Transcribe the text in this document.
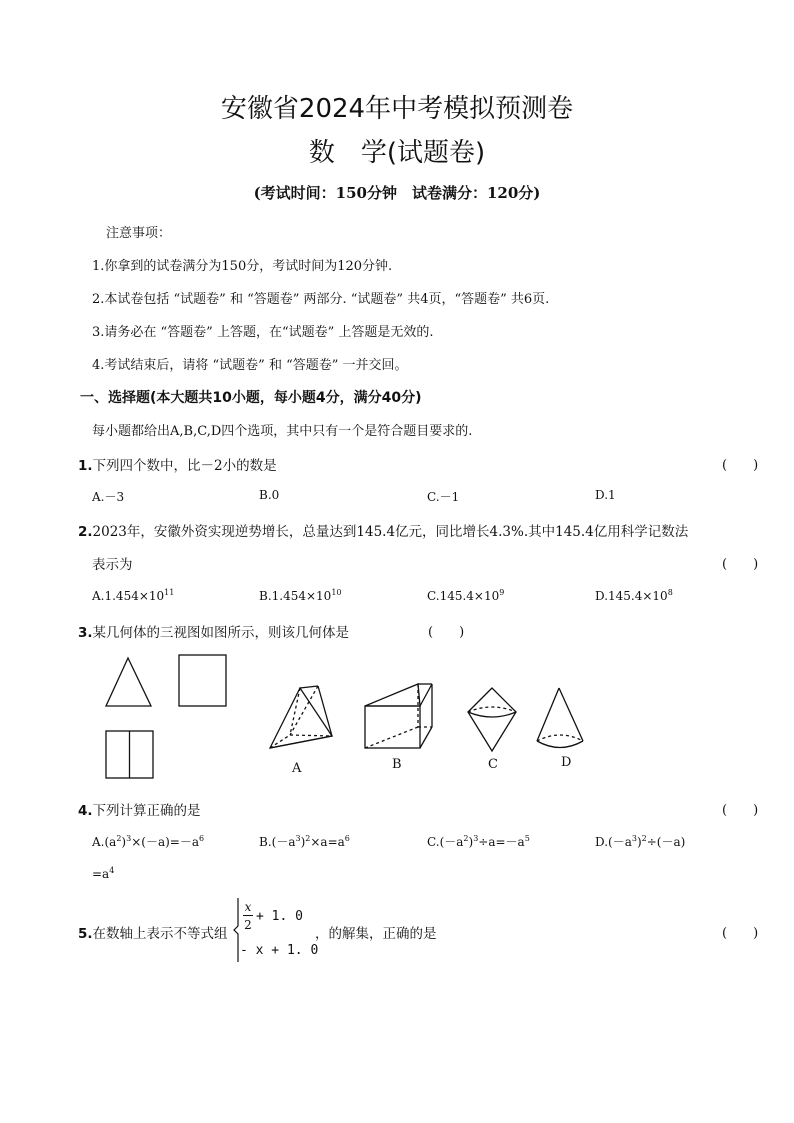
安徽省2024年中考模拟预测卷
数　学(试题卷)
(考试时间：150分钟　试卷满分：120分)
注意事项：
1.你拿到的试卷满分为150分，考试时间为120分钟.
2.本试卷包括 “试题卷” 和 “答题卷” 两部分. “试题卷” 共4页，“答题卷” 共6页.
3.请务必在 “答题卷” 上答题，在“试题卷” 上答题是无效的.
4.考试结束后，请将 “试题卷” 和 “答题卷” 一并交回。
一、选择题(本大题共10小题，每小题4分，满分40分)
每小题都给出A,B,C,D四个选项，其中只有一个是符合题目要求的.
1.下列四个数中，比－2小的数是	(　　)
A.－3	B.0	C.－1	D.1
2.2023年，安徽外资实现逆势增长，总量达到145.4亿元，同比增长4.3%.其中145.4亿用科学记数法
表示为	(　　)
$A.1.454\times 10^{11}$	$B.1.454\times 10^{10}$	$C.145.4\times 10^9$	$D.145.4\times 10^8$
3.某几何体的三视图如图所示，则该几何体是	(　　)
A	B	C	D
4.下列计算正确的是	(　　)
$A.(a^2)^3\times(-a)=-a^6$	$B.(-a^3)^2\times a=a^6$	$C.(-a^2)^3\div a=-a^5$	$D.(-a^3)^2\div(-a)$
$=a^4$
5.在数轴上表示不等式组
x
2
+ 1. 0
- x + 1. 0
，的解集，正确的是	(　　)
